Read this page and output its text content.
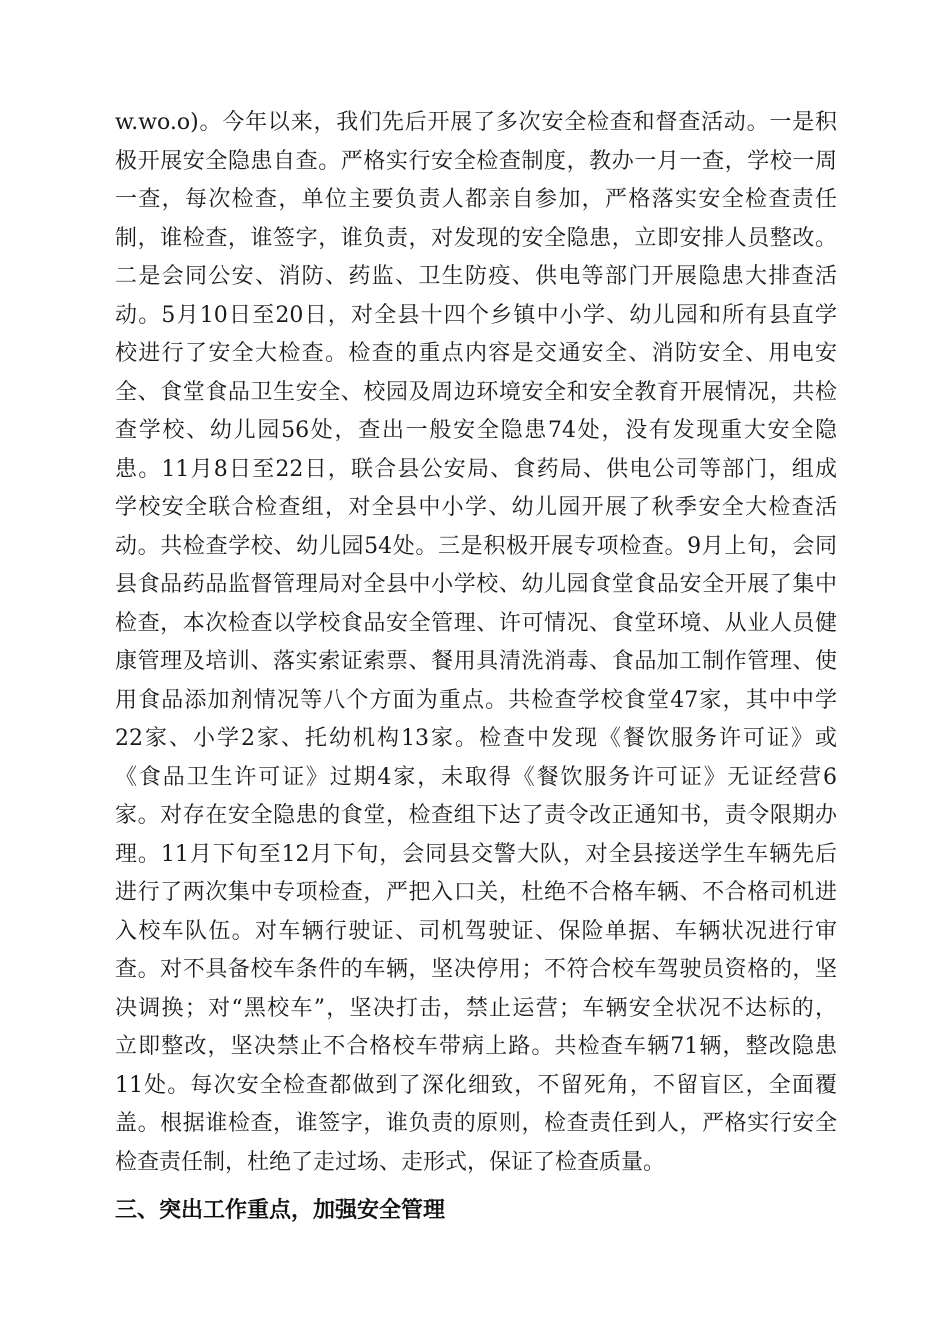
w.wo.o)。今年以来，我们先后开展了多次安全检查和督查活动。一是积
极开展安全隐患自查。严格实行安全检查制度，教办一月一查，学校一周
一查，每次检查，单位主要负责人都亲自参加，严格落实安全检查责任
制，谁检查，谁签字，谁负责，对发现的安全隐患，立即安排人员整改。
二是会同公安、消防、药监、卫生防疫、供电等部门开展隐患大排查活
动。5月10日至20日，对全县十四个乡镇中小学、幼儿园和所有县直学
校进行了安全大检查。检查的重点内容是交通安全、消防安全、用电安
全、食堂食品卫生安全、校园及周边环境安全和安全教育开展情况，共检
查学校、幼儿园56处，查出一般安全隐患74处，没有发现重大安全隐
患。11月8日至22日，联合县公安局、食药局、供电公司等部门，组成
学校安全联合检查组，对全县中小学、幼儿园开展了秋季安全大检查活
动。共检查学校、幼儿园54处。三是积极开展专项检查。9月上旬，会同
县食品药品监督管理局对全县中小学校、幼儿园食堂食品安全开展了集中
检查，本次检查以学校食品安全管理、许可情况、食堂环境、从业人员健
康管理及培训、落实索证索票、餐用具清洗消毒、食品加工制作管理、使
用食品添加剂情况等八个方面为重点。共检查学校食堂47家，其中中学
22家、小学2家、托幼机构13家。检查中发现《餐饮服务许可证》或
《食品卫生许可证》过期4家，未取得《餐饮服务许可证》无证经营6
家。对存在安全隐患的食堂，检查组下达了责令改正通知书，责令限期办
理。11月下旬至12月下旬，会同县交警大队，对全县接送学生车辆先后
进行了两次集中专项检查，严把入口关，杜绝不合格车辆、不合格司机进
入校车队伍。对车辆行驶证、司机驾驶证、保险单据、车辆状况进行审
查。对不具备校车条件的车辆，坚决停用；不符合校车驾驶员资格的，坚
决调换；对“黑校车”，坚决打击，禁止运营；车辆安全状况不达标的，
立即整改，坚决禁止不合格校车带病上路。共检查车辆71辆，整改隐患
11处。每次安全检查都做到了深化细致，不留死角，不留盲区，全面覆
盖。根据谁检查，谁签字，谁负责的原则，检查责任到人，严格实行安全
检查责任制，杜绝了走过场、走形式，保证了检查质量。
三、突出工作重点，加强安全管理
